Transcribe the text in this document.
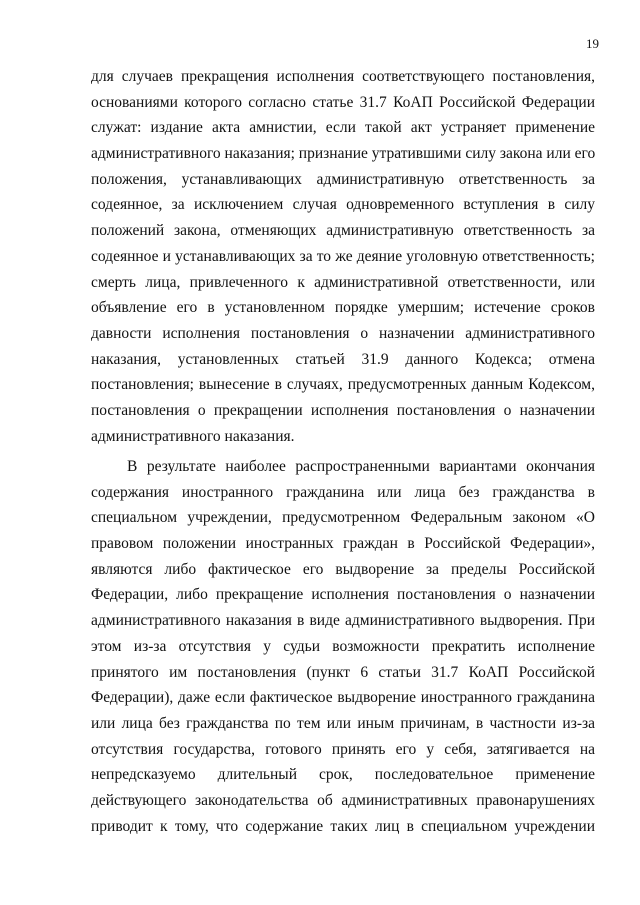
19
для случаев прекращения исполнения соответствующего постановления,
основаниями которого согласно статье 31.7 КоАП Российской Федерации
служат: издание акта амнистии, если такой акт устраняет применение
административного наказания; признание утратившими силу закона или его
положения, устанавливающих административную ответственность за
содеянное, за исключением случая одновременного вступления в силу
положений закона, отменяющих административную ответственность за
содеянное и устанавливающих за то же деяние уголовную ответственность;
смерть лица, привлеченного к административной ответственности, или
объявление его в установленном порядке умершим; истечение сроков
давности исполнения постановления о назначении административного
наказания, установленных статьей 31.9 данного Кодекса; отмена
постановления; вынесение в случаях, предусмотренных данным Кодексом,
постановления о прекращении исполнения постановления о назначении
административного наказания.
В результате наиболее распространенными вариантами окончания
содержания иностранного гражданина или лица без гражданства в
специальном учреждении, предусмотренном Федеральным законом «О
правовом положении иностранных граждан в Российской Федерации»,
являются либо фактическое его выдворение за пределы Российской
Федерации, либо прекращение исполнения постановления о назначении
административного наказания в виде административного выдворения. При
этом из-за отсутствия у судьи возможности прекратить исполнение
принятого им постановления (пункт 6 статьи 31.7 КоАП Российской
Федерации), даже если фактическое выдворение иностранного гражданина
или лица без гражданства по тем или иным причинам, в частности из-за
отсутствия государства, готового принять его у себя, затягивается на
непредсказуемо длительный срок, последовательное применение
действующего законодательства об административных правонарушениях
приводит к тому, что содержание таких лиц в специальном учреждении
